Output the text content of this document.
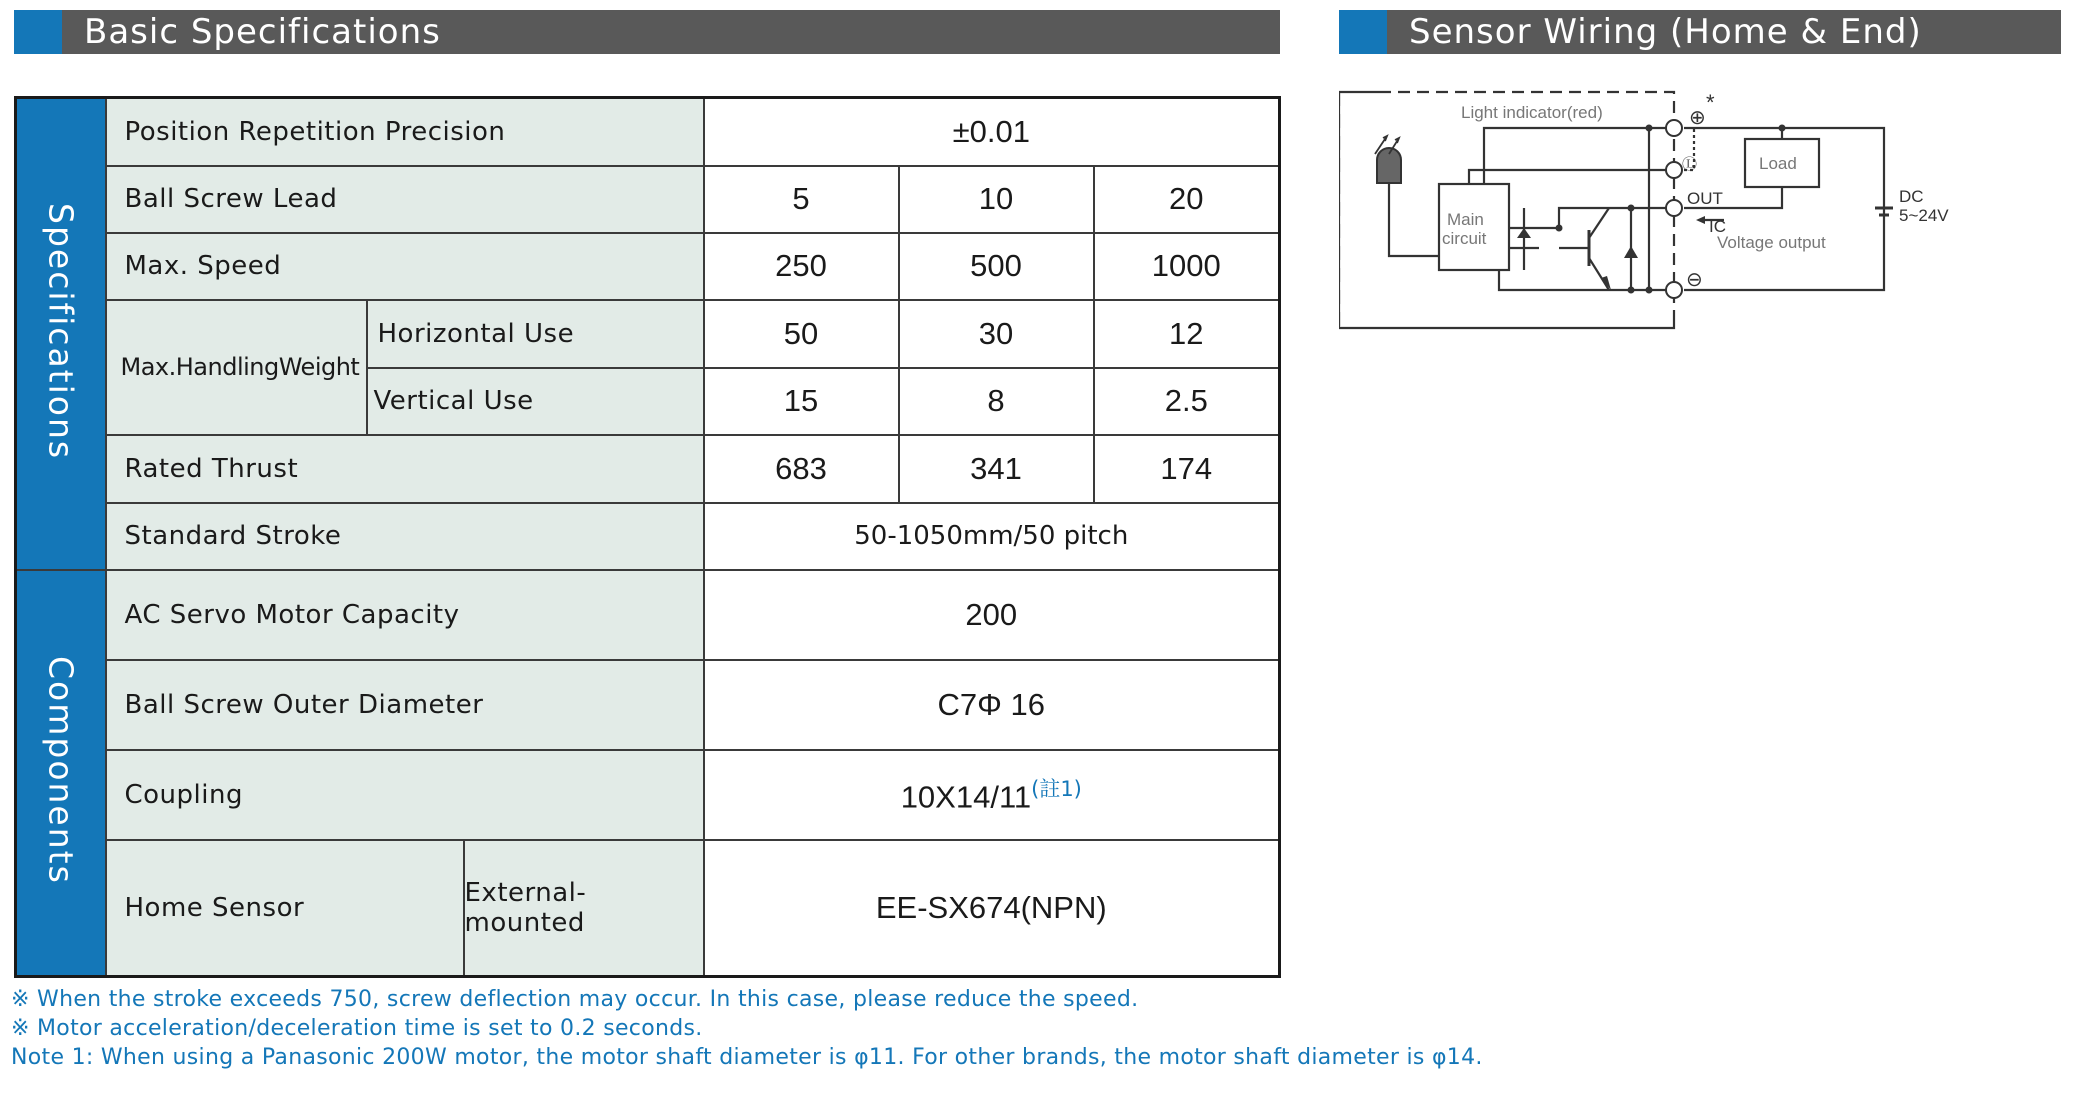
Basic Specifications	Sensor Wiring (Home & End)
Specifications	Position Repetition Precision			±0.01		
	Ball Screw Lead			5	10	20
	Max. Speed			250	500	1000
	Max.HandlingWeight	Horizontal Use		50	30	12
		Vertical Use		15	8	2.5
	Rated Thrust			683	341	174
	Standard Stroke			50-1050mm/50 pitch		
Components	AC Servo Motor Capacity			200		
	Ball Screw Outer Diameter			C7Φ 16		
	Coupling			10X14/11$^{(註1)}$
	Home Sensor		External-mounted	EE-SX674(NPN)		

※ When the stroke exceeds 750, screw deflection may occur. In this case, please reduce the speed.

※ Motor acceleration/deceleration time is set to 0.2 seconds.

Note 1: When using a Panasonic 200W motor, the motor shaft diameter is φ11. For other brands, the motor shaft diameter is φ14.

Light indicator(red)	⊕
*
Ⓛ
OUT
IC
Voltage output
⊖
Main
circuit
Load
DC
5~24V
